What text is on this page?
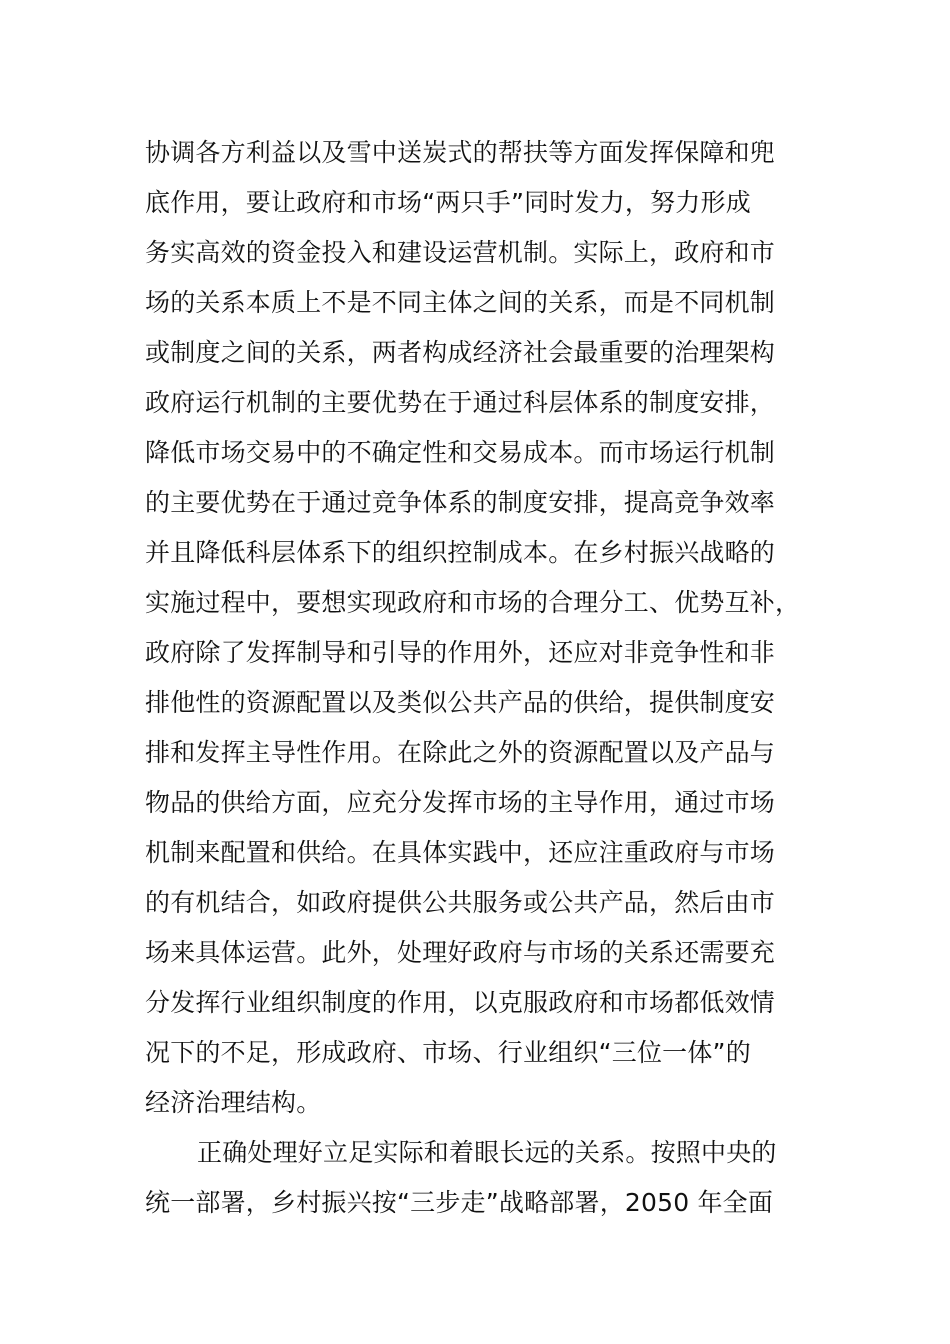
协调各方利益以及雪中送炭式的帮扶等方面发挥保障和兜
底作用，要让政府和市场“两只手”同时发力，努力形成
务实高效的资金投入和建设运营机制。实际上，政府和市
场的关系本质上不是不同主体之间的关系，而是不同机制
或制度之间的关系，两者构成经济社会最重要的治理架构
政府运行机制的主要优势在于通过科层体系的制度安排，
降低市场交易中的不确定性和交易成本。而市场运行机制
的主要优势在于通过竞争体系的制度安排，提高竞争效率
并且降低科层体系下的组织控制成本。在乡村振兴战略的
实施过程中，要想实现政府和市场的合理分工、优势互补，
政府除了发挥制导和引导的作用外，还应对非竞争性和非
排他性的资源配置以及类似公共产品的供给，提供制度安
排和发挥主导性作用。在除此之外的资源配置以及产品与
物品的供给方面，应充分发挥市场的主导作用，通过市场
机制来配置和供给。在具体实践中，还应注重政府与市场
的有机结合，如政府提供公共服务或公共产品，然后由市
场来具体运营。此外，处理好政府与市场的关系还需要充
分发挥行业组织制度的作用，以克服政府和市场都低效情
况下的不足，形成政府、市场、行业组织“三位一体”的
经济治理结构。
正确处理好立足实际和着眼长远的关系。按照中央的
统一部署，乡村振兴按“三步走”战略部署，2050 年全面
